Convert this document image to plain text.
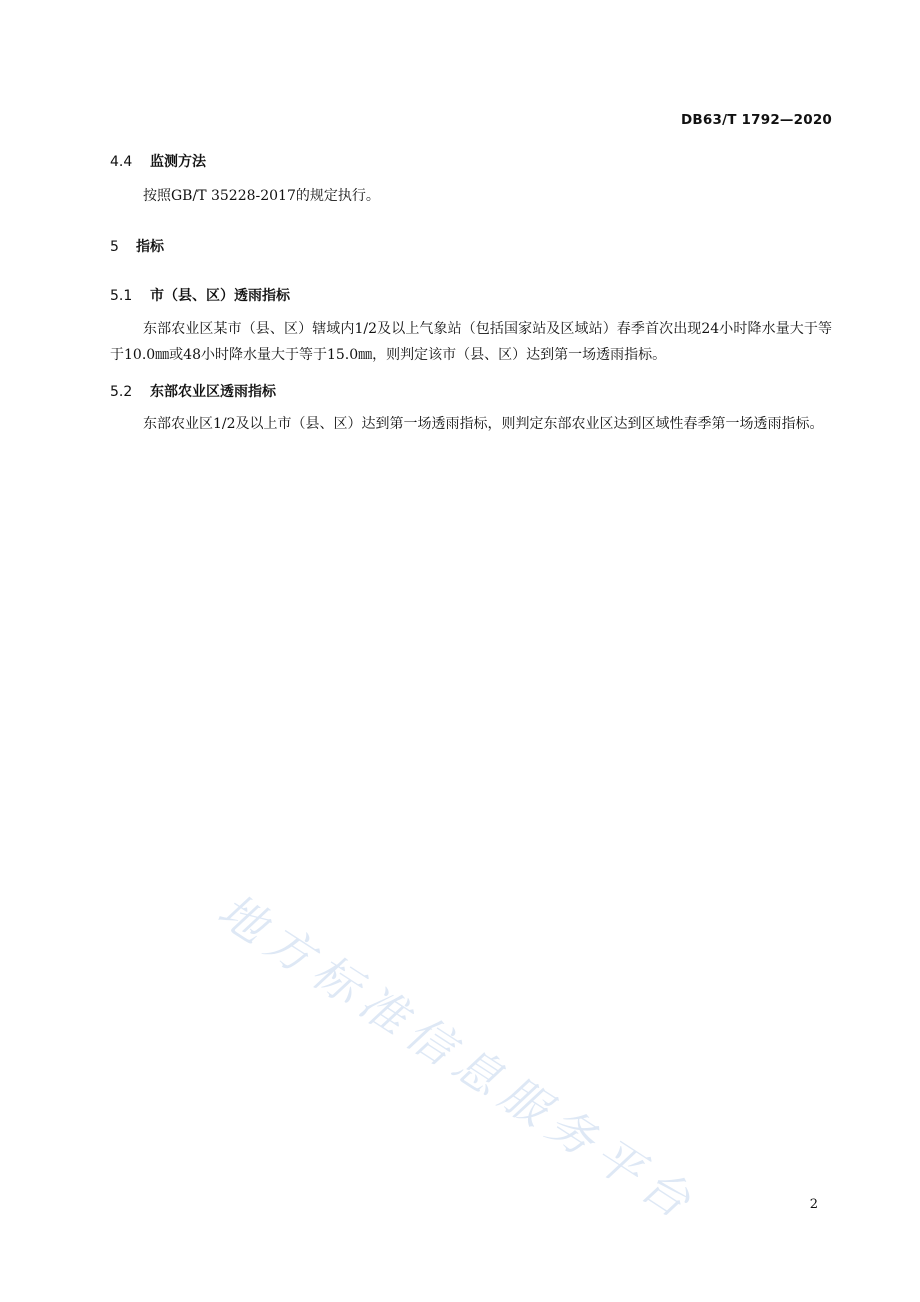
DB63/T 1792—2020
4.4 监测方法
按照GB/T 35228-2017的规定执行。
5 指标
5.1 市（县、区）透雨指标
东部农业区某市（县、区）辖域内1/2及以上气象站（包括国家站及区域站）春季首次出现24小时降水量大于等于10.0㎜或48小时降水量大于等于15.0㎜，则判定该市（县、区）达到第一场透雨指标。
5.2 东部农业区透雨指标
东部农业区1/2及以上市（县、区）达到第一场透雨指标，则判定东部农业区达到区域性春季第一场透雨指标。
地方标准信息服务平台	2
